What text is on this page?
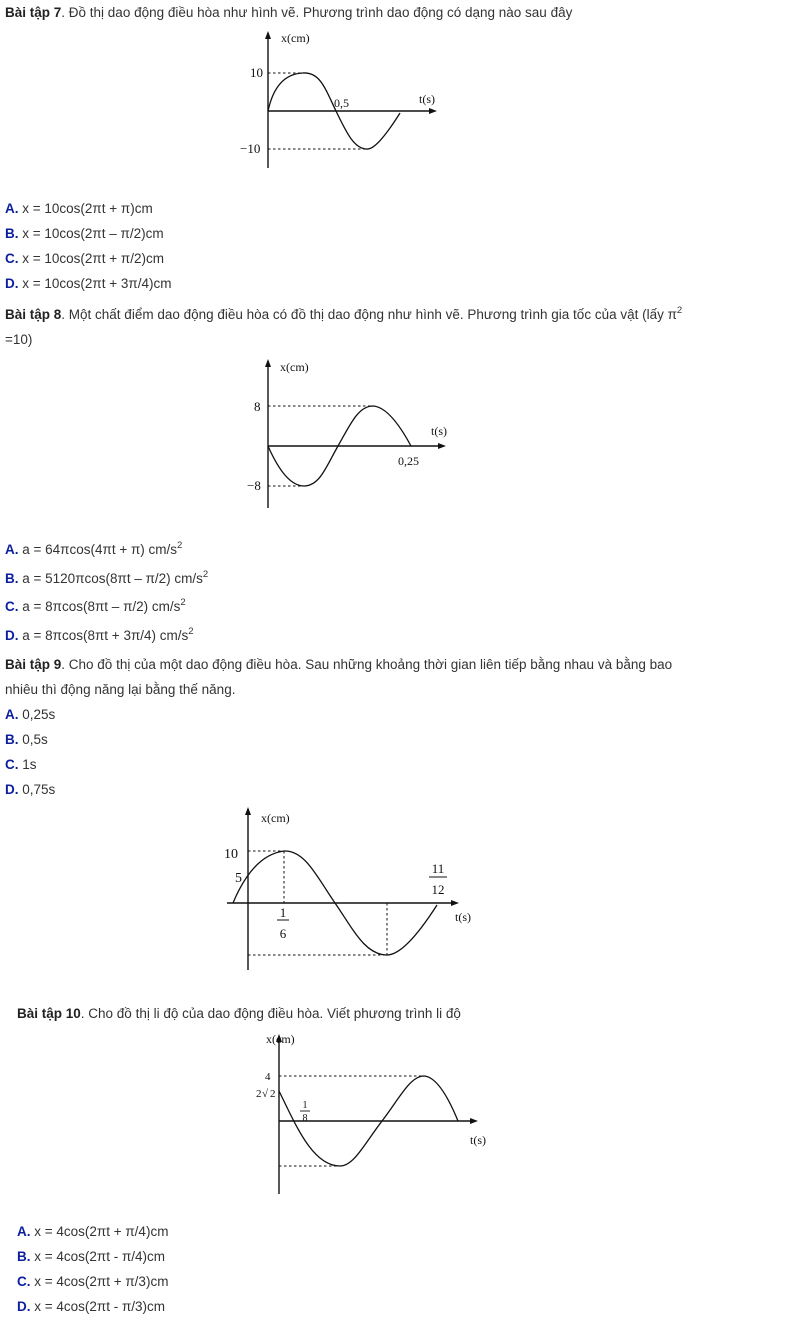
Bài tập 7. Đồ thị dao động điều hòa như hình vẽ. Phương trình dao động có dạng nào sau đây
x(cm)
t(s)
10
−10
0,5
A. x = 10cos(2πt + π)cm
B. x = 10cos(2πt – π/2)cm
C. x = 10cos(2πt + π/2)cm
D. x = 10cos(2πt + 3π/4)cm
Bài tập 8. Một chất điểm dao động điều hòa có đồ thị dao động như hình vẽ. Phương trình gia tốc của vật (lấy $\pi^2$
=10)
x(cm)
t(s)
8
−8
0,25
A. a = 64πcos(4πt + π) $cm/s^2$
B. a = 5120πcos(8πt – π/2) $cm/s^2$
C. a = 8πcos(8πt – π/2) $cm/s^2$
D. a = 8πcos(8πt + 3π/4) $cm/s^2$
Bài tập 9. Cho đồ thị của một dao động điều hòa. Sau những khoảng thời gian liên tiếp bằng nhau và bằng bao
nhiêu thì động năng lại bằng thế năng.
A. 0,25s
B. 0,5s
C. 1s
D. 0,75s
x(cm)
t(s)
10
5
1
6
11
12
Bài tập 10. Cho đồ thị li độ của dao động điều hòa. Viết phương trình li độ
x(cm)
t(s)
4
2 √ 2
1
8
A. x = 4cos(2πt + π/4)cm
B. x = 4cos(2πt - π/4)cm
C. x = 4cos(2πt + π/3)cm
D. x = 4cos(2πt - π/3)cm
